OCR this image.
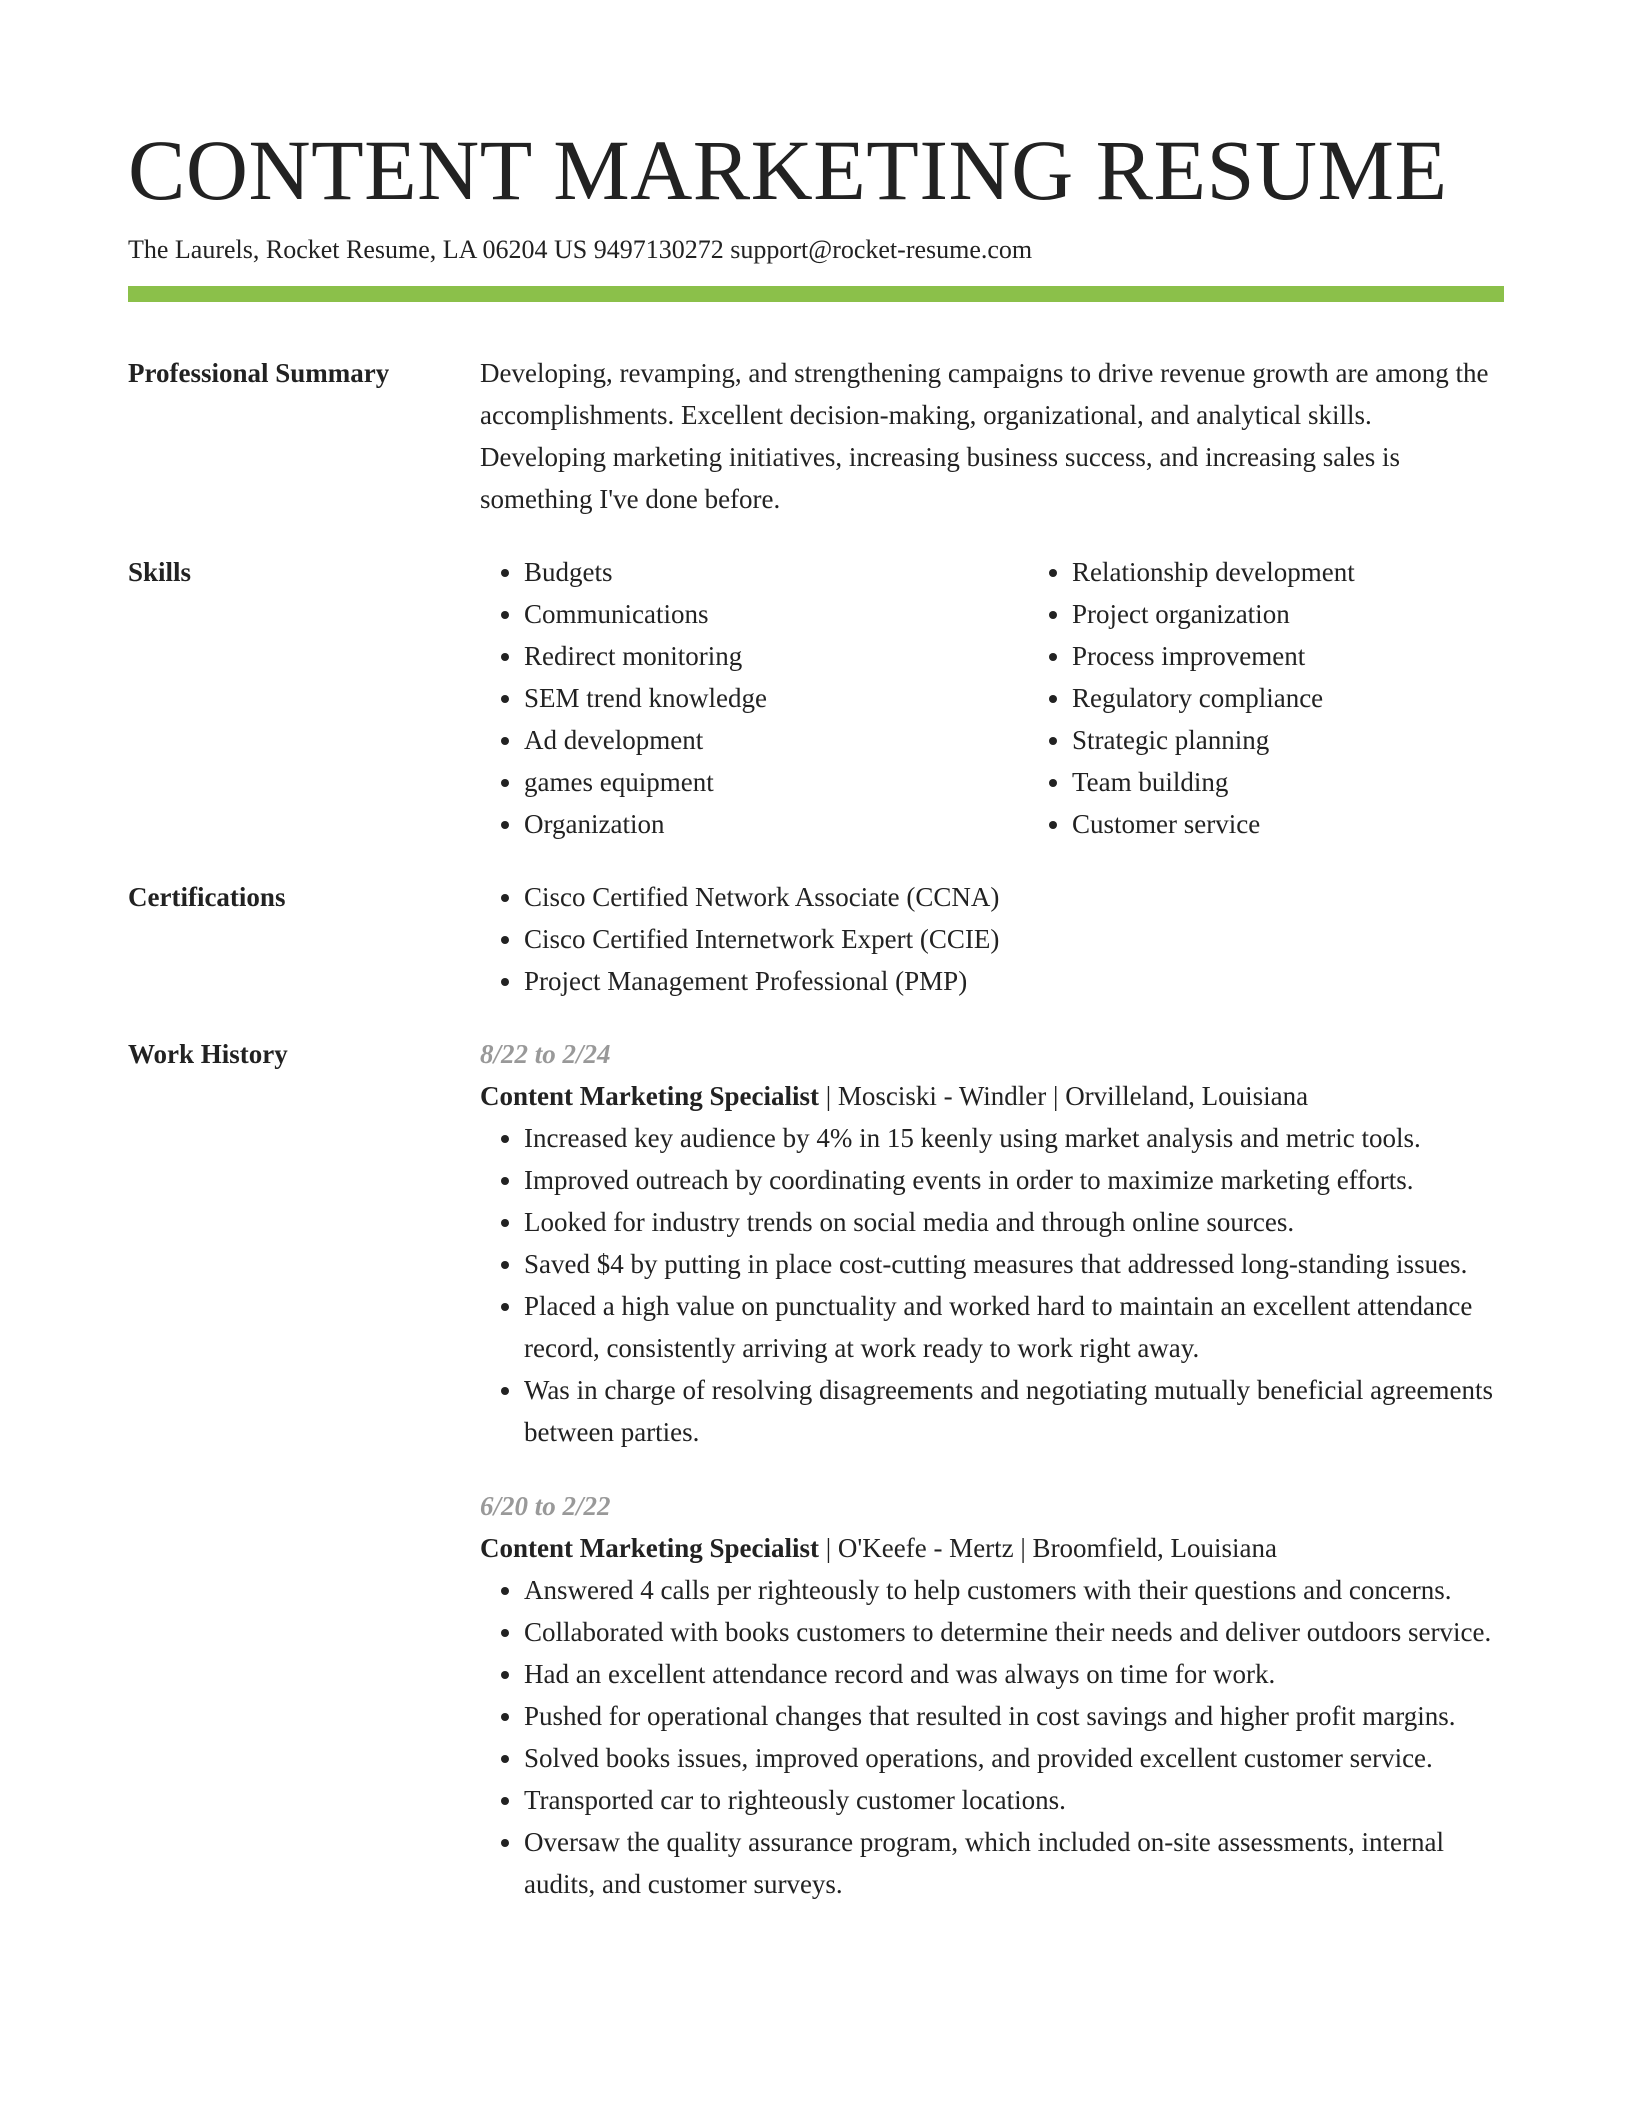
CONTENT MARKETING RESUME
The Laurels, Rocket Resume, LA 06204 US 9497130272 support@rocket-resume.com
Professional Summary	Developing, revamping, and strengthening campaigns to drive revenue growth are among the accomplishments. Excellent decision-making, organizational, and analytical skills. Developing marketing initiatives, increasing business success, and increasing sales is something I've done before.

Skills	• Budgets
• Communications
• Redirect monitoring
• SEM trend knowledge
• Ad development
• games equipment
• Organization
• Relationship development
• Project organization
• Process improvement
• Regulatory compliance
• Strategic planning
• Team building
• Customer service
Certifications	• Cisco Certified Network Associate (CCNA)
• Cisco Certified Internetwork Expert (CCIE)
• Project Management Professional (PMP)
Work History	8/22 to 2/24
Content Marketing Specialist | Mosciski - Windler | Orvilleland, Louisiana
• Increased key audience by 4% in 15 keenly using market analysis and metric tools.
• Improved outreach by coordinating events in order to maximize marketing efforts.
• Looked for industry trends on social media and through online sources.
• Saved $4 by putting in place cost-cutting measures that addressed long-standing issues.
• Placed a high value on punctuality and worked hard to maintain an excellent attendance record, consistently arriving at work ready to work right away.
• Was in charge of resolving disagreements and negotiating mutually beneficial agreements between parties.
6/20 to 2/22
Content Marketing Specialist | O'Keefe - Mertz | Broomfield, Louisiana
• Answered 4 calls per righteously to help customers with their questions and concerns.
• Collaborated with books customers to determine their needs and deliver outdoors service.
• Had an excellent attendance record and was always on time for work.
• Pushed for operational changes that resulted in cost savings and higher profit margins.
• Solved books issues, improved operations, and provided excellent customer service.
• Transported car to righteously customer locations.
• Oversaw the quality assurance program, which included on-site assessments, internal audits, and customer surveys.
